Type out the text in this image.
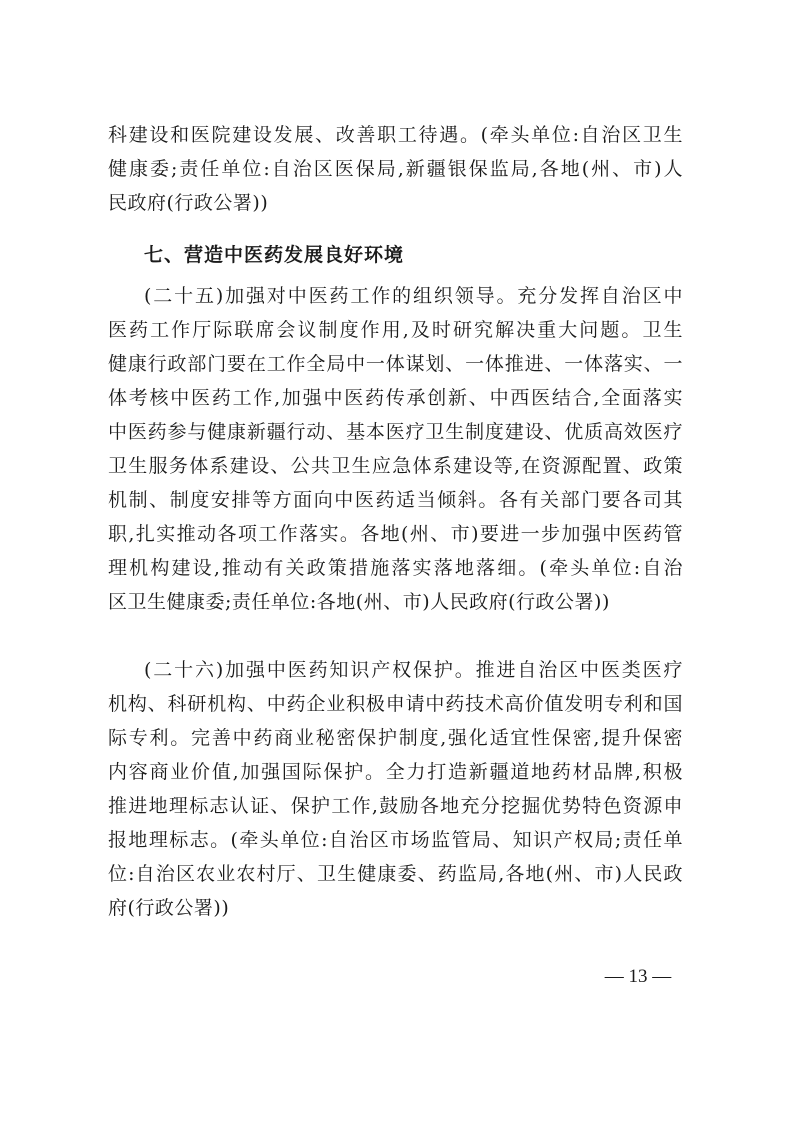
科建设和医院建设发展、改善职工待遇。(牵头单位:自治区卫生
健康委;责任单位:自治区医保局,新疆银保监局,各地(州、市)人
民政府(行政公署))
七、营造中医药发展良好环境
(二十五)加强对中医药工作的组织领导。充分发挥自治区中
医药工作厅际联席会议制度作用,及时研究解决重大问题。卫生
健康行政部门要在工作全局中一体谋划、一体推进、一体落实、一
体考核中医药工作,加强中医药传承创新、中西医结合,全面落实
中医药参与健康新疆行动、基本医疗卫生制度建设、优质高效医疗
卫生服务体系建设、公共卫生应急体系建设等,在资源配置、政策
机制、制度安排等方面向中医药适当倾斜。各有关部门要各司其
职,扎实推动各项工作落实。各地(州、市)要进一步加强中医药管
理机构建设,推动有关政策措施落实落地落细。(牵头单位:自治
区卫生健康委;责任单位:各地(州、市)人民政府(行政公署))
(二十六)加强中医药知识产权保护。推进自治区中医类医疗
机构、科研机构、中药企业积极申请中药技术高价值发明专利和国
际专利。完善中药商业秘密保护制度,强化适宜性保密,提升保密
内容商业价值,加强国际保护。全力打造新疆道地药材品牌,积极
推进地理标志认证、保护工作,鼓励各地充分挖掘优势特色资源申
报地理标志。(牵头单位:自治区市场监管局、知识产权局;责任单
位:自治区农业农村厅、卫生健康委、药监局,各地(州、市)人民政
府(行政公署))
— 13 —
